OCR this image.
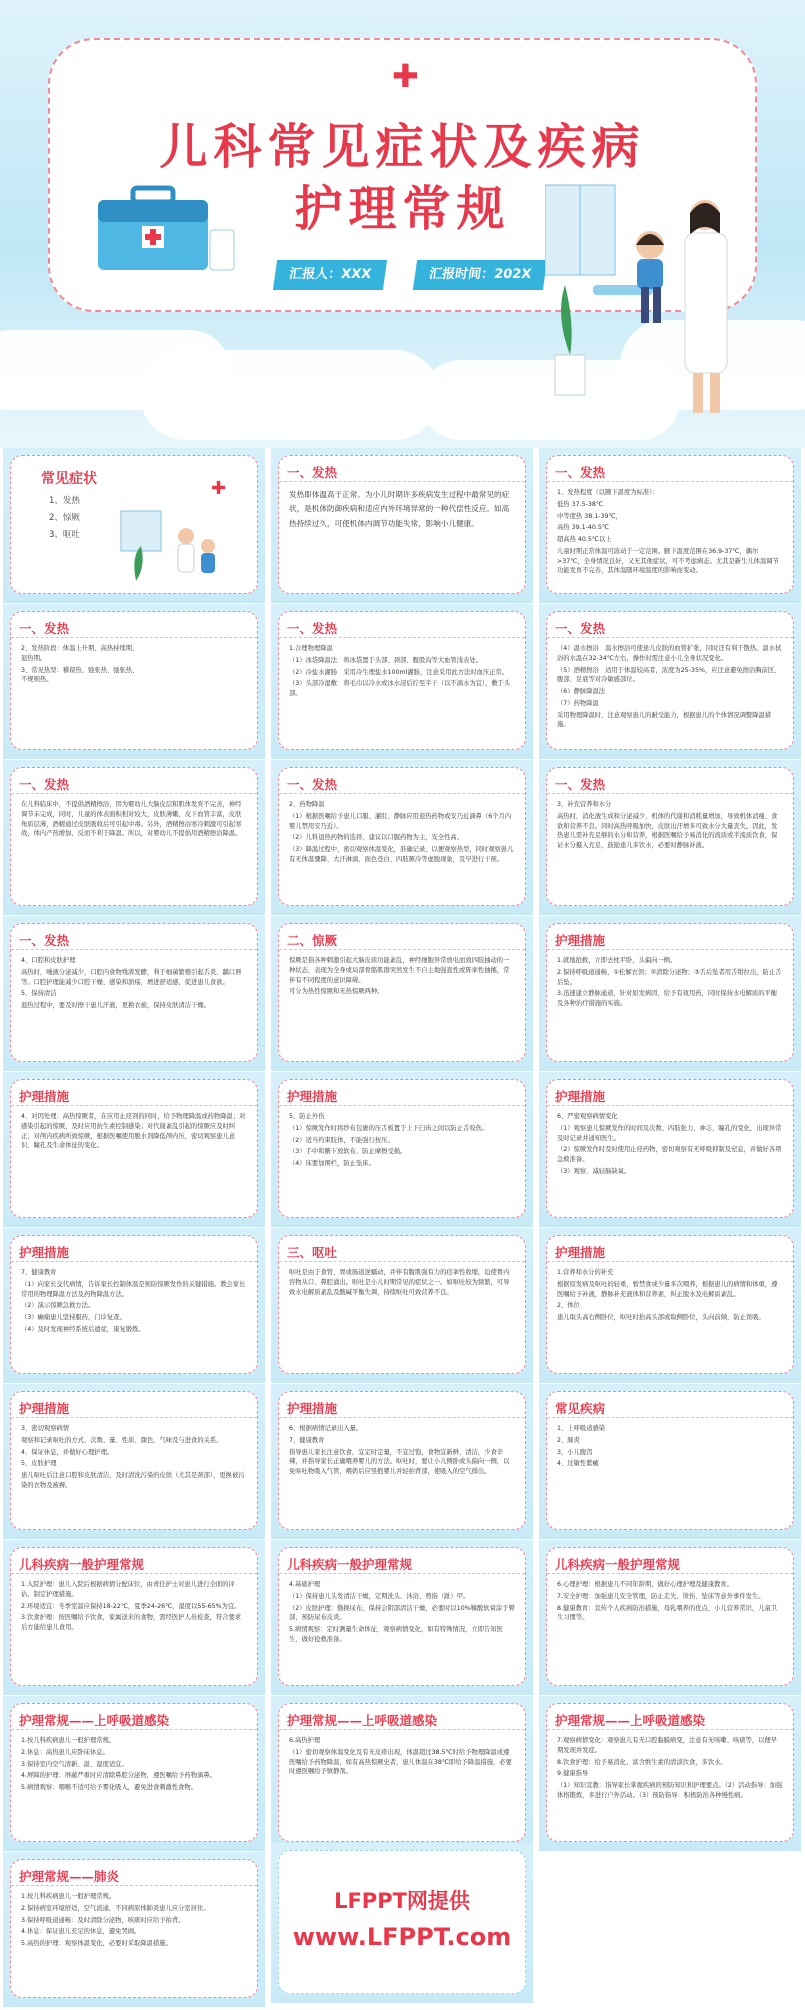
✚
儿科常见症状及疾病
护理常规
汇报人：XXX	汇报时间：202X
一、发热

发热即体温高于正常。为小儿时期许多疾病发生过程中最常见的症状，是机体防御疾病和适应内外环境异常的一种代偿性反应。如高热持续过久，可使机体内调节功能失常，影响小儿健康。

一、发热

1、发热程度（以腋下温度为标准）：

低热 37.5-38℃

中等度热 38.1-39℃，

高热 39.1-40.5℃

超高热 40.5℃以上

儿童时期正常体温可波动于一定范围。腋下温度范围在36.9-37℃，偶尔>37℃，全身情况良好，又无其他症状，可不考虑病态。尤其是新生儿体温调节功能发育不完善，其体温随环境温度的影响而变动。

一、发热

2、发热阶段：体温上升期、高热持续期、退热期。

3、常见热型：稽留热、弛张热、弛张热、不规则热。

一、发热

1.合理物理降温

（1）冰袋降温法　将冰袋置于头部、颈部、腹股沟等大血管浅表处。

（2）冷盐水灌肠　采用冷生理盐水100ml灌肠，注意采用此方法时血压正常。

（3）头部冷湿敷　将毛巾以冷水或冰水浸后拧至半干（以不滴水为宜），敷于头部。

一、发热

（4）温水擦浴　温水擦浴可使患儿皮肤的血管扩张，同时还有利于散热。温水拭浴的水温在32-34℃左右，操作时需注意小儿全身状况变化。

（5）酒精擦浴　适用于体温较高者，浓度为25-35%，应注意避免擦浴胸前区、腹部、足底等对冷敏感部位。

（6）静脉降温法

（7）药物降温

采用物理降温时，注意观察患儿的耐受能力，根据患儿的个体情况调整降温措施。

一、发热

在儿科临床中，不提倡酒精擦浴，因为婴幼儿大脑皮层和肌体发育不完善，神经调节未完成，同时，儿童的体表面积相对较大，皮肤薄嫩，皮下血管丰富，皮肤角质层薄，酒精通过皮肤吸收后可引起中毒。另外，酒精擦浴寒冷刺激可引起寒战，体内产热增加，反而不利于降温。所以，对婴幼儿不提倡用酒精擦浴降温。

一、发热

2、药物降温

（1）根据医嘱给予患儿口服、灌肛、静脉应用退热药物或安乃近滴鼻（6个月内婴儿禁用安乃近）。

（2）儿科退热药物的选择，建议以口服药物为主，安全性高。

（3）降温过程中，密切观察体温变化，准确记录，以便观察热型，同时观察患儿有无体温骤降、大汗淋漓、面色苍白、四肢厥冷等虚脱现象，及早进行干预。

一、发热

3、补充营养和水分

高热时，消化液生成和分泌减少，机体的代谢和消耗量增加，导致机体消瘦、食欲和营养不良。同时高热呼吸加快，皮肤出汗增多可致水分大量丧失。因此，发热患儿需补充足够的水分和营养，根据医嘱给予易消化的流质或半流质饮食，保证水分摄入充足，鼓励患儿多饮水，必要时静脉补液。

一、发热

4、口腔和皮肤护理

高热时，唾液分泌减少，口腔内食物残渣发酵，利于细菌繁殖引起舌炎、龋口唇等。口腔护理能减少口腔干燥、感染和溃疡，增进舒适感，促进患儿食欲。

5、保持清洁

退热过程中，要及时擦干患儿汗液，更换衣被，保持皮肤清洁干燥。

二、惊厥

惊厥是指各种刺激引起大脑皮质功能紊乱，神经细胞异常放电而致四肢抽动的一种状态，表现为全身或局部骨骼肌群突然发生不自主地强直性或阵挛性抽搐，常伴有不同程度的意识障碍。

可分为热性惊厥和无热惊厥两种。

护理措施

1.就地抢救，立即去枕平卧，头偏向一侧。

2.保持呼吸道通畅，①松解衣领；②清除分泌物；③舌后坠者用舌钳拉出，防止舌后坠。

3.迅速建立静脉通道，针对原发病因，给予有效用药，同时保持水电解质的平衡及各种治疗措施的实施。

护理措施

4、对因处理：高热惊厥者，在应用止痉剂的同时，给予物理降温或药物降温；对感染引起的惊厥，及时应用抗生素控制感染；对代谢紊乱引起的惊厥应及时纠正；对颅内疾病所致惊厥，根据医嘱使用脱水剂降低颅内压，密切观察患儿意识、瞳孔及生命体征的变化。

护理措施

5、防止外伤

（1）惊厥发作时将纱布包裹的压舌板置于上下臼齿之间以防止舌咬伤。

（2）适当约束肢体，不能强行按压。

（3）手中和腋下放软布，防止摩擦受损。

（4）床要加围栏，防止坠床。

护理措施

6、严密观察病情变化

（1）观察患儿惊厥发作的时间及次数、四肢张力、神志、瞳孔的变化，出现异常及时记录并通知医生。

（2）惊厥发作时及时使用止痉药物，密切观察有无呼吸抑制及窒息，并做好各项急救准备。

（3）观察、减轻脑缺氧。

护理措施

7、健康教育

（1）向家长交代病情，告诉家长控制体温是预防惊厥发作的关键措施。教会家长常用的物理降温方法及药物降温方法。

（2）演示惊厥急救方法。

（3）癫痫患儿坚持服药，门诊复查。

（4）及时发现神经系统后遗症，康复锻炼。

三、呕吐

呕吐是由于食管、胃或肠道逆蠕动，并伴有腹肌强有力的痉挛性收缩，迫使胃内容物从口、鼻腔涌出。呕吐是小儿时期常见的症状之一。如呕吐较为频繁，可导致水电解质紊乱及酸碱平衡失调，持续呕吐可致营养不良。

护理措施

1.营养和水分的补充

根据原发病及呕吐的轻重，暂禁食或少量多次喂养，根据患儿的病情和体重，遵医嘱给予补液，静脉补充液体和营养素，纠正脱水及电解质紊乱。

2、体位

患儿取头高右侧卧位，呕吐时抬高头部或取侧卧位，头向前倾，防止误吸。

护理措施

3、密切观察病情

观察和记录呕吐的方式、次数、量、性质、颜色、气味及与进食的关系。

4、保证休息，并做好心理护理。

5、皮肤护理

患儿呕吐后注意口腔和皮肤清洁，及时清洗污染的皮肤（尤其是颈部），更换被污染的衣物及被褥。

护理措施

6、根据病情记录出入量。

7、健康教育

指导患儿家长注意饮食，宜定时定量，不宜过饱，食物宜新鲜、清洁，少食辛辣，并指导家长正确喂养婴儿的方法。呕吐时，要让小儿侧卧或头偏向一侧，以免呕吐物吸入气管，喂奶后应竖抱婴儿并轻拍背部，使吸入的空气排出。

常见疾病

1、上呼吸道感染

2、肺炎

3、小儿腹泻

4、过敏性紫癜

儿科疾病一般护理常规

1.入院护理：患儿入院后根据病情分配床位，由责任护士对患儿进行全面的评估，制定护理措施。

2.环境适宜：冬季室温应保持18-22℃，夏季24-26℃，湿度以55-65%为宜。

3.饮食护理：按医嘱给予饮食，家属送来的食物，需经医护人员检查，符合要求后方能给患儿食用。

儿科疾病一般护理常规

4.基础护理

（1）保持患儿头发清洁干燥，定期洗头、沐浴、剪指（趾）甲。

（2）皮肤护理：勤换尿布，保持会阴部清洁干燥，必要时以10%鞣酸软膏涂于臀部，预防尿布皮炎。

5.病情观察：定时测量生命体征，观察病情变化，如有特殊情况，立即告知医生，做好抢救准备。

儿科疾病一般护理常规

6.心理护理：根据患儿不同年龄期，做好心理护理及健康教育。

7.安全护理：加强患儿安全管理，防止走失、烫伤、坠床等意外事件发生。

8.健康教育：宣传个人疾病防治措施，母乳喂养的优点，小儿营养常识，儿童卫生习惯等。

护理常规——上呼吸道感染

1.按儿科疾病患儿一般护理常规。

2.休息：高热患儿应卧床休息。

3.保持室内空气清新、温、湿度适宜。

4.屏障的护理：屏蔽严重时应清除鼻腔分泌物，遵医嘱给予药物滴鼻。

5.病情观察：咽喉不适可给予雾化吸入，避免进食刺激性食物。

护理常规——上呼吸道感染

6.高热护理

（1）密切观察体温变化及有无皮疹出现，体温超过38.5℃时给予物理降温或遵医嘱给予药物降温，如有高热惊厥史者，患儿体温在38℃即给予降温措施，必要时遵医嘱给予镇静剂。

护理常规——上呼吸道感染

7.观察病情变化：观察患儿有无口腔黏膜病变，注意有无咳嗽、咳痰等，以便早期发现并发症。

8.饮食护理：给予易消化、富含维生素的清淡饮食，多饮水。

9.健康指导

（1）知识宣教：指导家长掌握疾病的预防知识和护理要点。（2）活动指导：加强体格锻炼，多进行户外活动。（3）预防指导：积极防治各种慢性病。

护理常规——肺炎

1.按儿科疾病患儿一般护理常规。

2.保持病室环境舒适，空气流通，不同病原体肺炎患儿应分室居住。

3.保持呼吸道通畅：及时清除分泌物，咳痰时应给予拍背。

4.休息：保证患儿充足的休息，避免哭闹。

5.高热的护理：观察体温变化，必要时采取降温措施。

常见症状
1、发热
2、惊厥
3、呕吐
✚
LFPPT网提供
www.LFPPT.com
